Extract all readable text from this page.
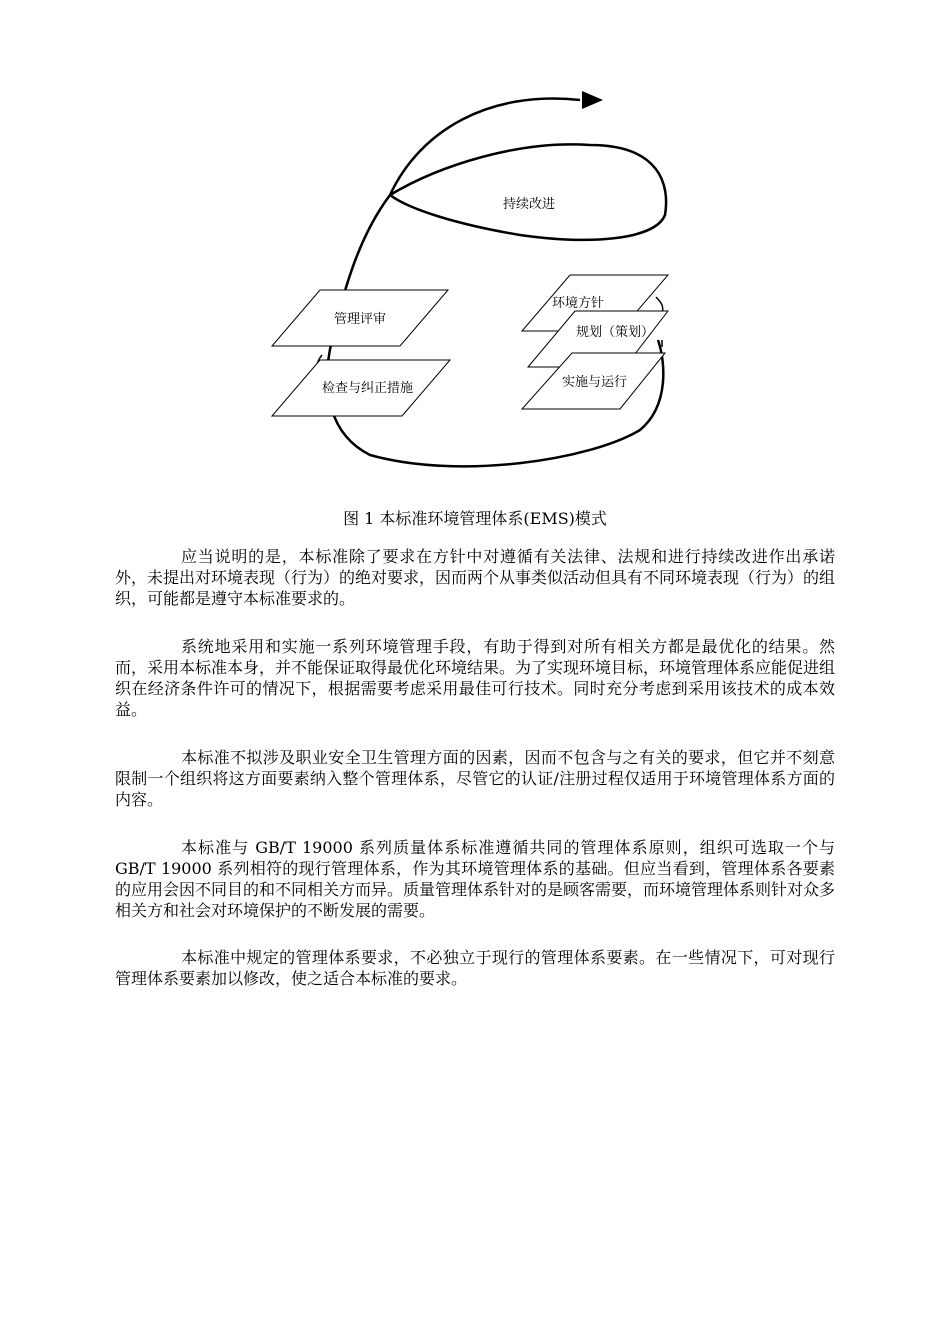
持续改进
环境方针
规划（策划）
实施与运行
管理评审
检查与纠正措施
图 1 本标准环境管理体系(EMS)模式

应当说明的是，本标准除了要求在方针中对遵循有关法律、法规和进行持续改进作出承诺外，未提出对环境表现（行为）的绝对要求，因而两个从事类似活动但具有不同环境表现（行为）的组织，可能都是遵守本标准要求的。

系统地采用和实施一系列环境管理手段，有助于得到对所有相关方都是最优化的结果。然而，采用本标准本身，并不能保证取得最优化环境结果。为了实现环境目标，环境管理体系应能促进组织在经济条件许可的情况下，根据需要考虑采用最佳可行技术。同时充分考虑到采用该技术的成本效益。

本标准不拟涉及职业安全卫生管理方面的因素，因而不包含与之有关的要求，但它并不刻意限制一个组织将这方面要素纳入整个管理体系，尽管它的认证/注册过程仅适用于环境管理体系方面的内容。

本标准与 GB/T 19000 系列质量体系标准遵循共同的管理体系原则，组织可选取一个与 GB/T 19000 系列相符的现行管理体系，作为其环境管理体系的基础。但应当看到，管理体系各要素的应用会因不同目的和不同相关方而异。质量管理体系针对的是顾客需要，而环境管理体系则针对众多相关方和社会对环境保护的不断发展的需要。

本标准中规定的管理体系要求，不必独立于现行的管理体系要素。在一些情况下，可对现行管理体系要素加以修改，使之适合本标准的要求。
